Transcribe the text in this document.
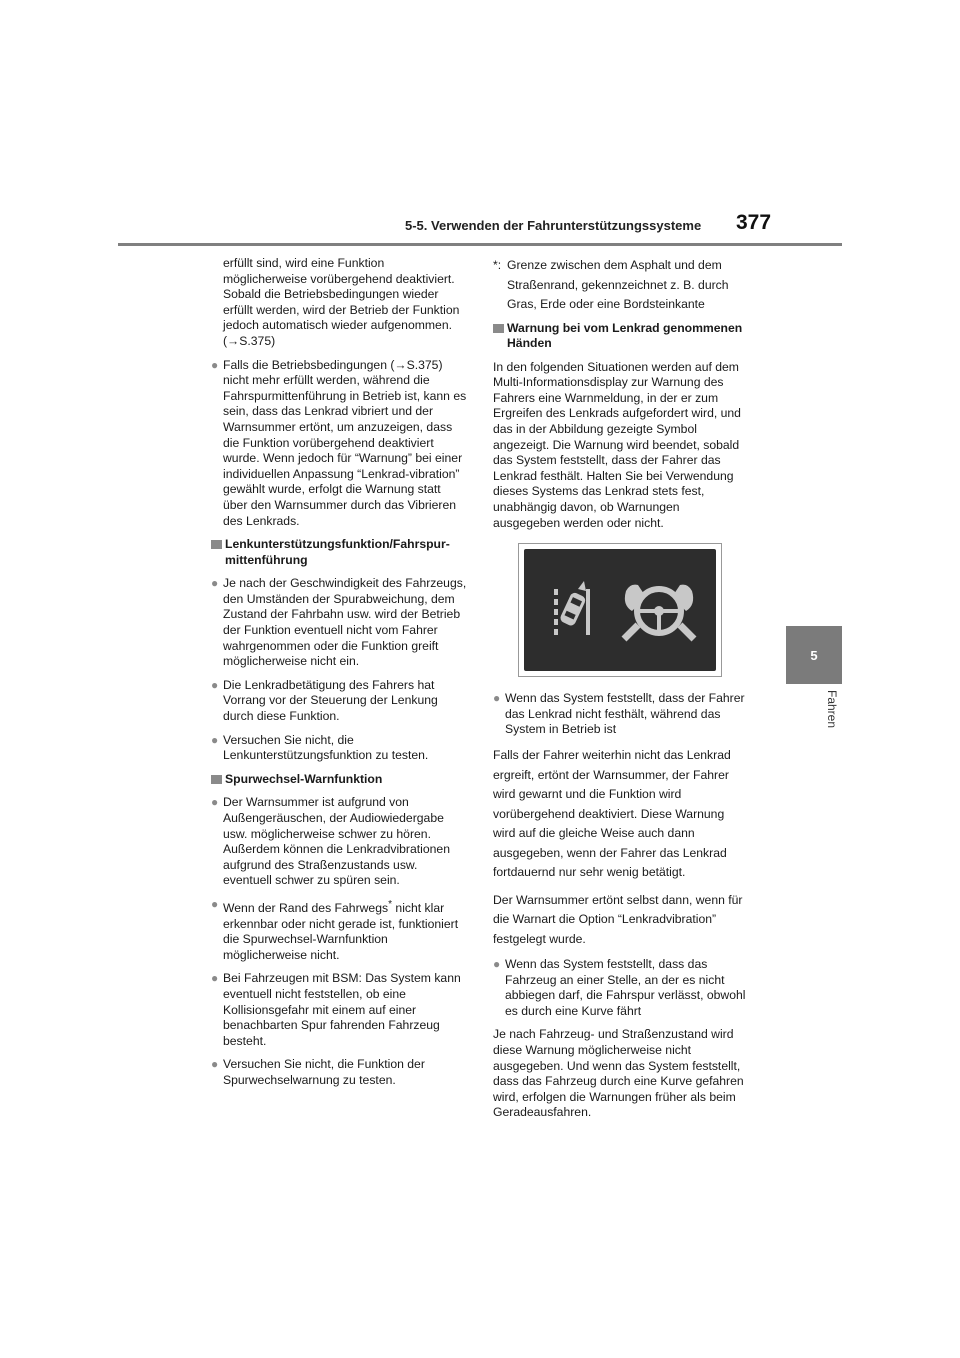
5-5. Verwenden der Fahrunterstützungssysteme 377
5
Fahren

erfüllt sind, wird eine Funktion möglicherweise vorübergehend deaktiviert. Sobald die Betriebsbedingungen wieder erfüllt werden, wird der Betrieb der Funktion jedoch automatisch wieder aufgenommen. (→S.375)

● Falls die Betriebsbedingungen (→S.375) nicht mehr erfüllt werden, während die Fahrspurmittenführung in Betrieb ist, kann es sein, dass das Lenkrad vibriert und der Warnsummer ertönt, um anzuzeigen, dass die Funktion vorübergehend deaktiviert wurde. Wenn jedoch für “Warnung” bei einer individuellen Anpassung “Lenkrad-vibration” gewählt wurde, erfolgt die Warnung statt über den Warnsummer durch das Vibrieren des Lenkrads.
Lenkunterstützungsfunktion/Fahrspur-mittenführung
● Je nach der Geschwindigkeit des Fahrzeugs, den Umständen der Spurabweichung, dem Zustand der Fahrbahn usw. wird der Betrieb der Funktion eventuell nicht vom Fahrer wahrgenommen oder die Funktion greift möglicherweise nicht ein.
● Die Lenkradbetätigung des Fahrers hat Vorrang vor der Steuerung der Lenkung durch diese Funktion.
● Versuchen Sie nicht, die Lenkunterstützungsfunktion zu testen.
Spurwechsel-Warnfunktion
● Der Warnsummer ist aufgrund von Außengeräuschen, der Audiowiedergabe usw. möglicherweise schwer zu hören. Außerdem können die Lenkradvibrationen aufgrund des Straßenzustands usw. eventuell schwer zu spüren sein.
● Wenn der Rand des Fahrwegs* nicht klar erkennbar oder nicht gerade ist, funktioniert die Spurwechsel-Warnfunktion möglicherweise nicht.
● Bei Fahrzeugen mit BSM: Das System kann eventuell nicht feststellen, ob eine Kollisionsgefahr mit einem auf einer benachbarten Spur fahrenden Fahrzeug besteht.
● Versuchen Sie nicht, die Funktion der Spurwechselwarnung zu testen.
*: Grenze zwischen dem Asphalt und dem Straßenrand, gekennzeichnet z. B. durch Gras, Erde oder eine Bordsteinkante
Warnung bei vom Lenkrad genommenen Händen

In den folgenden Situationen werden auf dem Multi-Informationsdisplay zur Warnung des Fahrers eine Warnmeldung, in der er zum Ergreifen des Lenkrads aufgefordert wird, und das in der Abbildung gezeigte Symbol angezeigt. Die Warnung wird beendet, sobald das System feststellt, dass der Fahrer das Lenkrad festhält. Halten Sie bei Verwendung dieses Systems das Lenkrad stets fest, unabhängig davon, ob Warnungen ausgegeben werden oder nicht.

● Wenn das System feststellt, dass der Fahrer das Lenkrad nicht festhält, während das System in Betrieb ist

Falls der Fahrer weiterhin nicht das Lenkrad ergreift, ertönt der Warnsummer, der Fahrer wird gewarnt und die Funktion wird vorübergehend deaktiviert. Diese Warnung wird auf die gleiche Weise auch dann ausgegeben, wenn der Fahrer das Lenkrad fortdauernd nur sehr wenig betätigt.

Der Warnsummer ertönt selbst dann, wenn für die Warnart die Option “Lenkradvibration” festgelegt wurde.

● Wenn das System feststellt, dass das Fahrzeug an einer Stelle, an der es nicht abbiegen darf, die Fahrspur verlässt, obwohl es durch eine Kurve fährt

Je nach Fahrzeug- und Straßenzustand wird diese Warnung möglicherweise nicht ausgegeben. Und wenn das System feststellt, dass das Fahrzeug durch eine Kurve gefahren wird, erfolgen die Warnungen früher als beim Geradeausfahren.
